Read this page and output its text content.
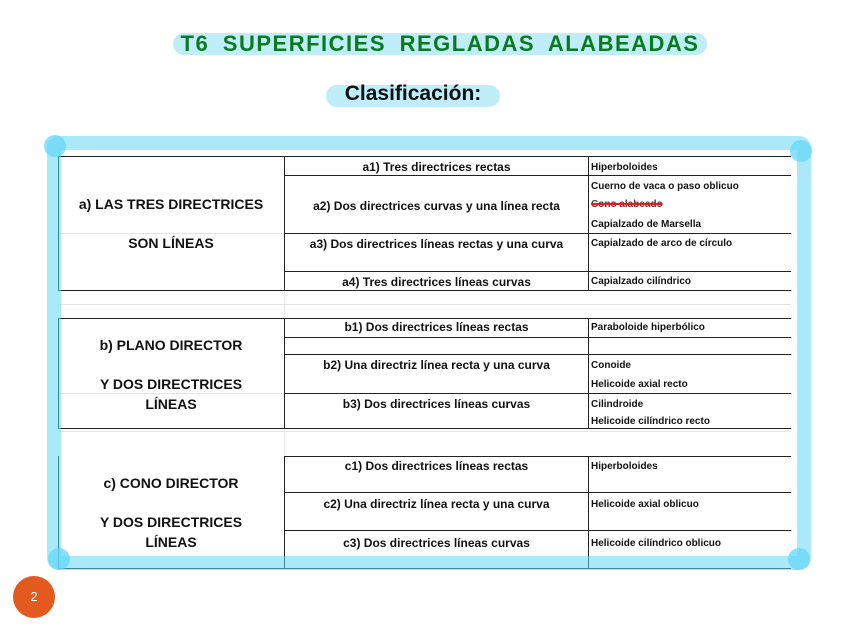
T6 SUPERFICIES REGLADAS ALABEADAS
Clasificación:
a) LAS TRES DIRECTRICES
SON LÍNEAS
a1) Tres directrices rectas
a2) Dos directrices curvas y una línea recta
a3) Dos directrices líneas rectas y una curva
a4) Tres directrices líneas curvas
Hiperboloides
Cuerno de vaca o paso oblicuo
Cono alabeado
Capialzado de Marsella
Capialzado de arco de círculo
Capialzado cilíndrico
b) PLANO DIRECTOR
Y DOS DIRECTRICES
LÍNEAS
b1) Dos directrices líneas rectas
b2) Una directriz línea recta y una curva
b3) Dos directrices líneas curvas
Paraboloide hiperbólico
Conoide
Helicoide axial recto
Cilindroide
Helicoide cilíndrico recto
c) CONO DIRECTOR
Y DOS DIRECTRICES
LÍNEAS
c1) Dos directrices líneas rectas
c2) Una directriz línea recta y una curva
c3) Dos directrices líneas curvas
Hiperboloides
Helicoide axial oblicuo
Helicoide cilíndrico oblicuo
2
